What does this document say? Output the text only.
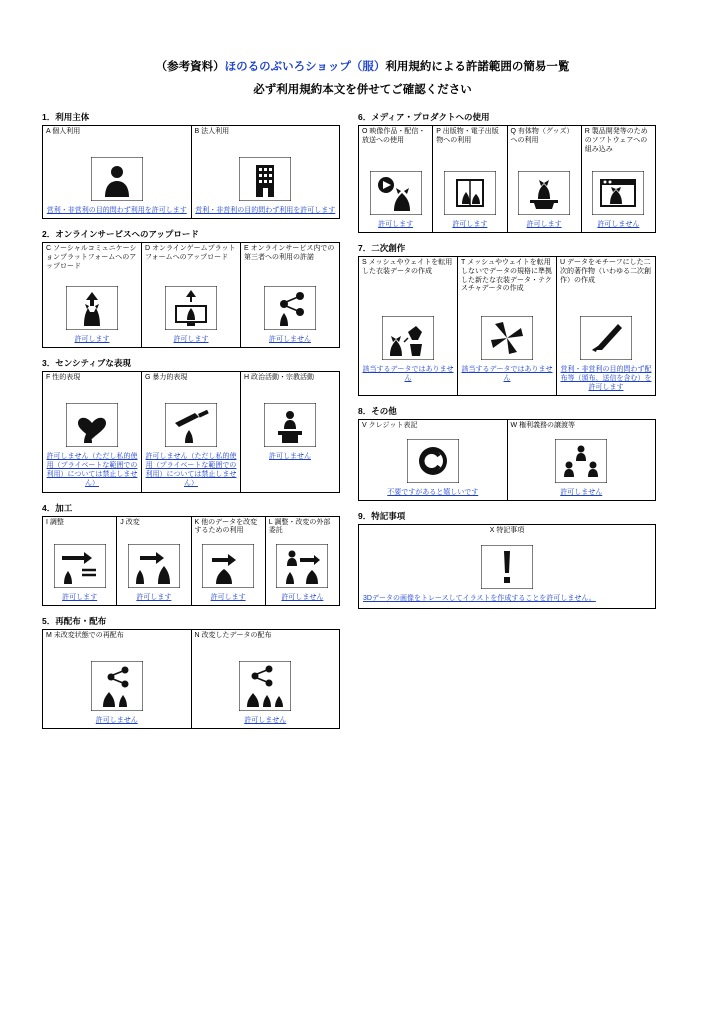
（参考資料）ほのるのぶいろショップ（服）利用規約による許諾範囲の簡易一覧
必ず利用規約本文を併せてご確認ください
1．利用主体
A 個人利用
営利・非営利の目的問わず利用を許可します

B 法人利用
営利・非営利の目的問わず利用を許可します
2．オンラインサービスへのアップロード
C ソーシャルコミュニケーションプラットフォームへのアップロード
許可します

D オンラインゲームプラットフォームへのアップロード
許可します

E オンラインサービス内での第三者への利用の許諾
許可しません
3．センシティブな表現
F 性的表現
許可しません（ただし私的使用（プライベートな範囲での利用）については禁止しません）

G 暴力的表現
許可しません（ただし私的使用（プライベートな範囲での利用）については禁止しません）

H 政治活動・宗教活動
許可しません
4．加工
I 調整
許可します

J 改変
許可します

K 他のデータを改変するための利用
許可します

L 調整・改変の外部委託
許可しません
5．再配布・配布
M 未改変状態での再配布
許可しません

N 改変したデータの配布
許可しません
6．メディア・プロダクトへの使用
O 映像作品・配信・放送への使用
許可します

P 出版物・電子出版物への利用
許可します

Q 有体物（グッズ）への利用
許可します

R 製品開発等のためのソフトウェアへの組み込み
許可しません
7．二次創作
S メッシュやウェイトを転用した衣装データの作成
該当するデータではありません

T メッシュやウェイトを転用しないでデータの規格に準拠した新たな衣装データ・テクスチャデータの作成
該当するデータではありません

U データをモチーフにした二次的著作物（いわゆる二次創作）の作成
営利・非営利の目的問わず配布等（頒布、送信を含む）を許可します
8．その他
V クレジット表記
不要ですがあると嬉しいです

W 権利義務の譲渡等
許可しません
9．特記事項
X 特記事項
3Dデータの画像をトレースしてイラストを作成することを許可しません。
